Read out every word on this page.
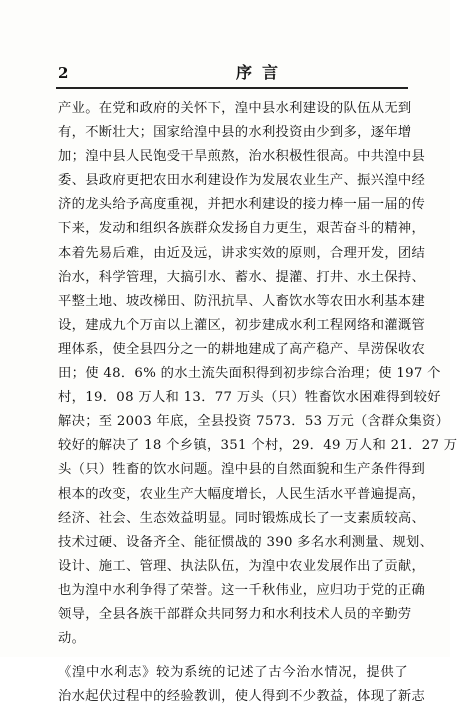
2	序言
产业。在党和政府的关怀下，湟中县水利建设的队伍从无到
有，不断壮大；国家给湟中县的水利投资由少到多，逐年增
加；湟中县人民饱受干旱煎熬，治水积极性很高。中共湟中县
委、县政府更把农田水利建设作为发展农业生产、振兴湟中经
济的龙头给予高度重视，并把水利建设的接力棒一届一届的传
下来，发动和组织各族群众发扬自力更生，艰苦奋斗的精神，
本着先易后难，由近及远，讲求实效的原则，合理开发，团结
治水，科学管理，大搞引水、蓄水、提灌、打井、水土保持、
平整土地、坡改梯田、防汛抗旱、人畜饮水等农田水利基本建
设，建成九个万亩以上灌区，初步建成水利工程网络和灌溉管
理体系，使全县四分之一的耕地建成了高产稳产、旱涝保收农
田；使 48．6% 的水土流失面积得到初步综合治理；使 197 个
村，19．08 万人和 13．77 万头（只）牲畜饮水困难得到较好
解决；至 2003 年底，全县投资 7573．53 万元（含群众集资）
较好的解决了 18 个乡镇，351 个村，29．49 万人和 21．27 万
头（只）牲畜的饮水问题。湟中县的自然面貌和生产条件得到
根本的改变，农业生产大幅度增长，人民生活水平普遍提高，
经济、社会、生态效益明显。同时锻炼成长了一支素质较高、
技术过硬、设备齐全、能征惯战的 390 多名水利测量、规划、
设计、施工、管理、执法队伍，为湟中农业发展作出了贡献，
也为湟中水利争得了荣誉。这一千秋伟业，应归功于党的正确
领导，全县各族干部群众共同努力和水利技术人员的辛勤劳
动。
《湟中水利志》较为系统的记述了古今治水情况，提供了
治水起伏过程中的经验教训，使人得到不少教益，体现了新志
